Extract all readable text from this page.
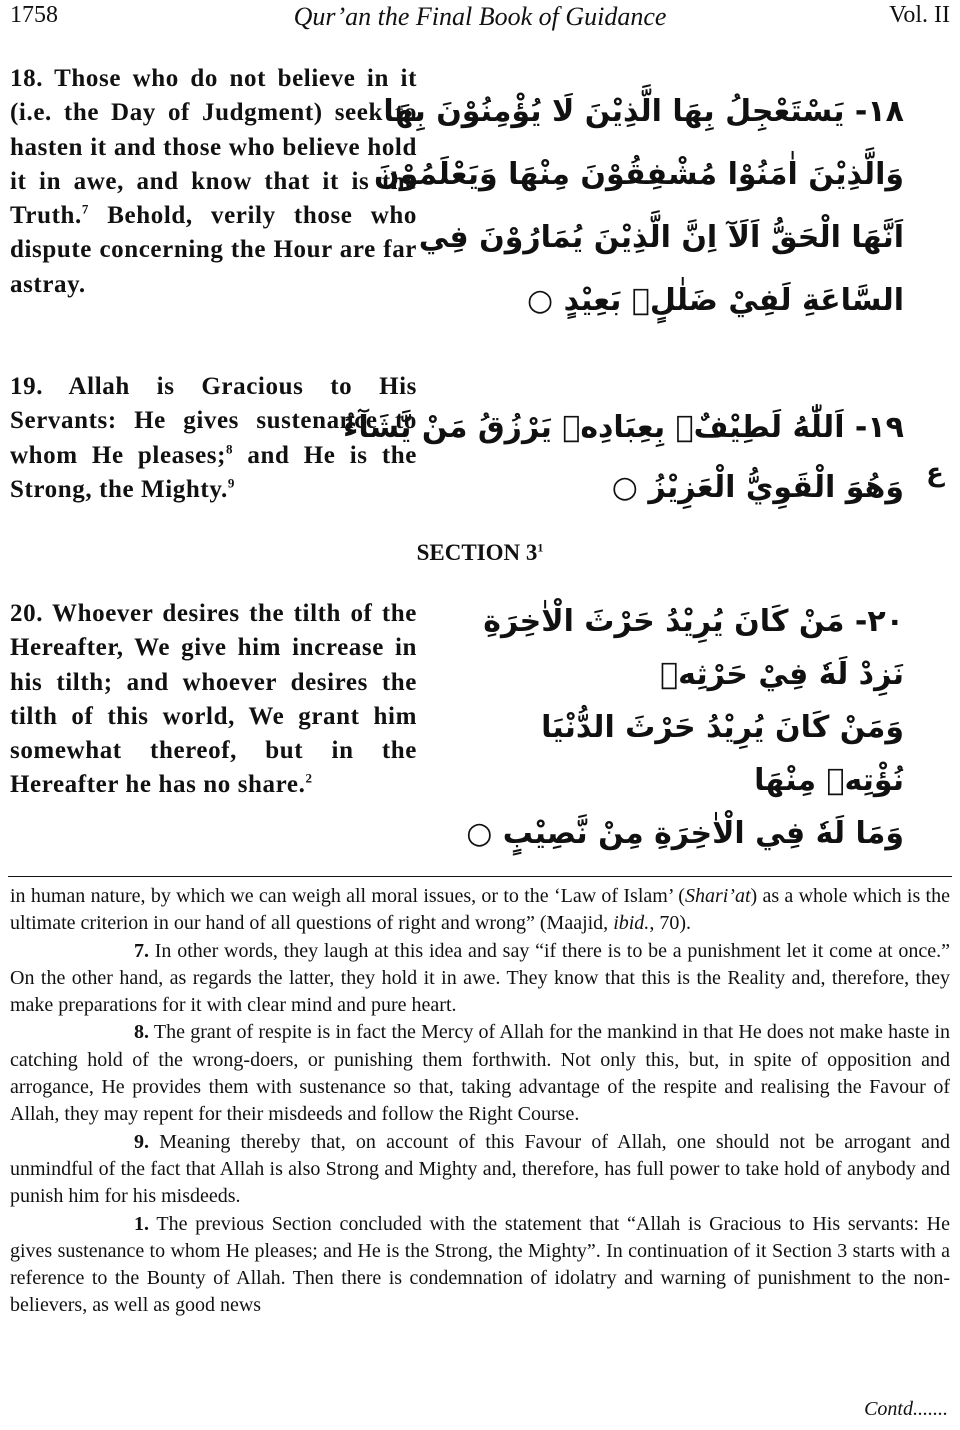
1758	Qur’an the Final Book of Guidance	Vol. II
18. Those who do not believe in it (i.e. the Day of Judgment) seek to hasten it and those who believe hold it in awe, and know that it is the Truth.$^7$ Behold, verily those who dispute concerning the Hour are far astray.
١٨- يَسْتَعْجِلُ بِهَا الَّذِيْنَ لَا يُؤْمِنُوْنَ بِهَا
وَالَّذِيْنَ اٰمَنُوْا مُشْفِقُوْنَ مِنْهَا وَيَعْلَمُوْنَ
اَنَّهَا الْحَقُّ اَلَآ اِنَّ الَّذِيْنَ يُمَارُوْنَ فِي
السَّاعَةِ لَفِيْ ضَلٰلٍۢ بَعِيْدٍ ○
19. Allah is Gracious to His Servants: He gives sustenance to whom He pleases;$^8$ and He is the Strong, the Mighty.$^9$
١٩- اَللّٰهُ لَطِيْفٌۢ بِعِبَادِهٖ يَرْزُقُ مَنْ يَّشَآءُ
وَهُوَ الْقَوِيُّ الْعَزِيْزُ ○ ع
SECTION $3^1$
20. Whoever desires the tilth of the Hereafter, We give him increase in his tilth; and whoever desires the tilth of this world, We grant him somewhat thereof, but in the Hereafter he has no share.$^2$
٢٠- مَنْ كَانَ يُرِيْدُ حَرْثَ الْاٰخِرَةِ
نَزِدْ لَهٗ فِيْ حَرْثِهٖ
وَمَنْ كَانَ يُرِيْدُ حَرْثَ الدُّنْيَا
نُؤْتِهٖ مِنْهَا
وَمَا لَهٗ فِي الْاٰخِرَةِ مِنْ نَّصِيْبٍ ○

in human nature, by which we can weigh all moral issues, or to the ‘Law of Islam’ (Shari’at) as a whole which is the ultimate criterion in our hand of all questions of right and wrong” (Maajid, ibid., 70).

7. In other words, they laugh at this idea and say “if there is to be a punishment let it come at once.” On the other hand, as regards the latter, they hold it in awe. They know that this is the Reality and, therefore, they make preparations for it with clear mind and pure heart.

8. The grant of respite is in fact the Mercy of Allah for the mankind in that He does not make haste in catching hold of the wrong-doers, or punishing them forthwith. Not only this, but, in spite of opposition and arrogance, He provides them with sustenance so that, taking advantage of the respite and realising the Favour of Allah, they may repent for their misdeeds and follow the Right Course.

9. Meaning thereby that, on account of this Favour of Allah, one should not be arrogant and unmindful of the fact that Allah is also Strong and Mighty and, therefore, has full power to take hold of anybody and punish him for his misdeeds.

1. The previous Section concluded with the statement that “Allah is Gracious to His servants: He gives sustenance to whom He pleases; and He is the Strong, the Mighty”. In continuation of it Section 3 starts with a reference to the Bounty of Allah. Then there is condemnation of idolatry and warning of punishment to the non-believers, as well as good news

Contd.......
